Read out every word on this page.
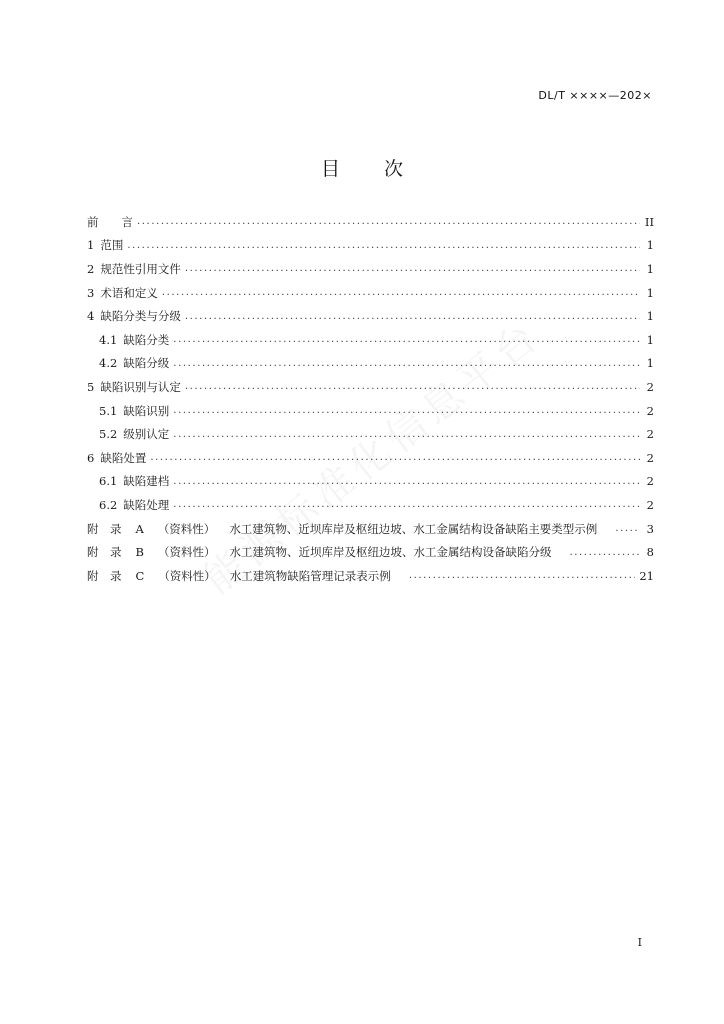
DL/T ××××—202×
目 次
前　　言 .....	II
1 范围 .....	1
2 规范性引用文件 .....	1
3 术语和定义 .....	1
4 缺陷分类与分级 .....	1
4.1 缺陷分类 .....	1
4.2 缺陷分级 .....	1
5 缺陷识别与认定 .....	2
5.1 缺陷识别 .....	2
5.2 级别认定 .....	2
6 缺陷处置 .....	2
6.1 缺陷建档 .....	2
6.2 缺陷处理 .....	2
附　录 A （资料性） 水工建筑物、近坝库岸及枢纽边坡、水工金属结构设备缺陷主要类型示例 .....	3
附　录 B （资料性） 水工建筑物、近坝库岸及枢纽边坡、水工金属结构设备缺陷分级 .....	8
附　录 C （资料性） 水工建筑物缺陷管理记录表示例 .....	21
I
